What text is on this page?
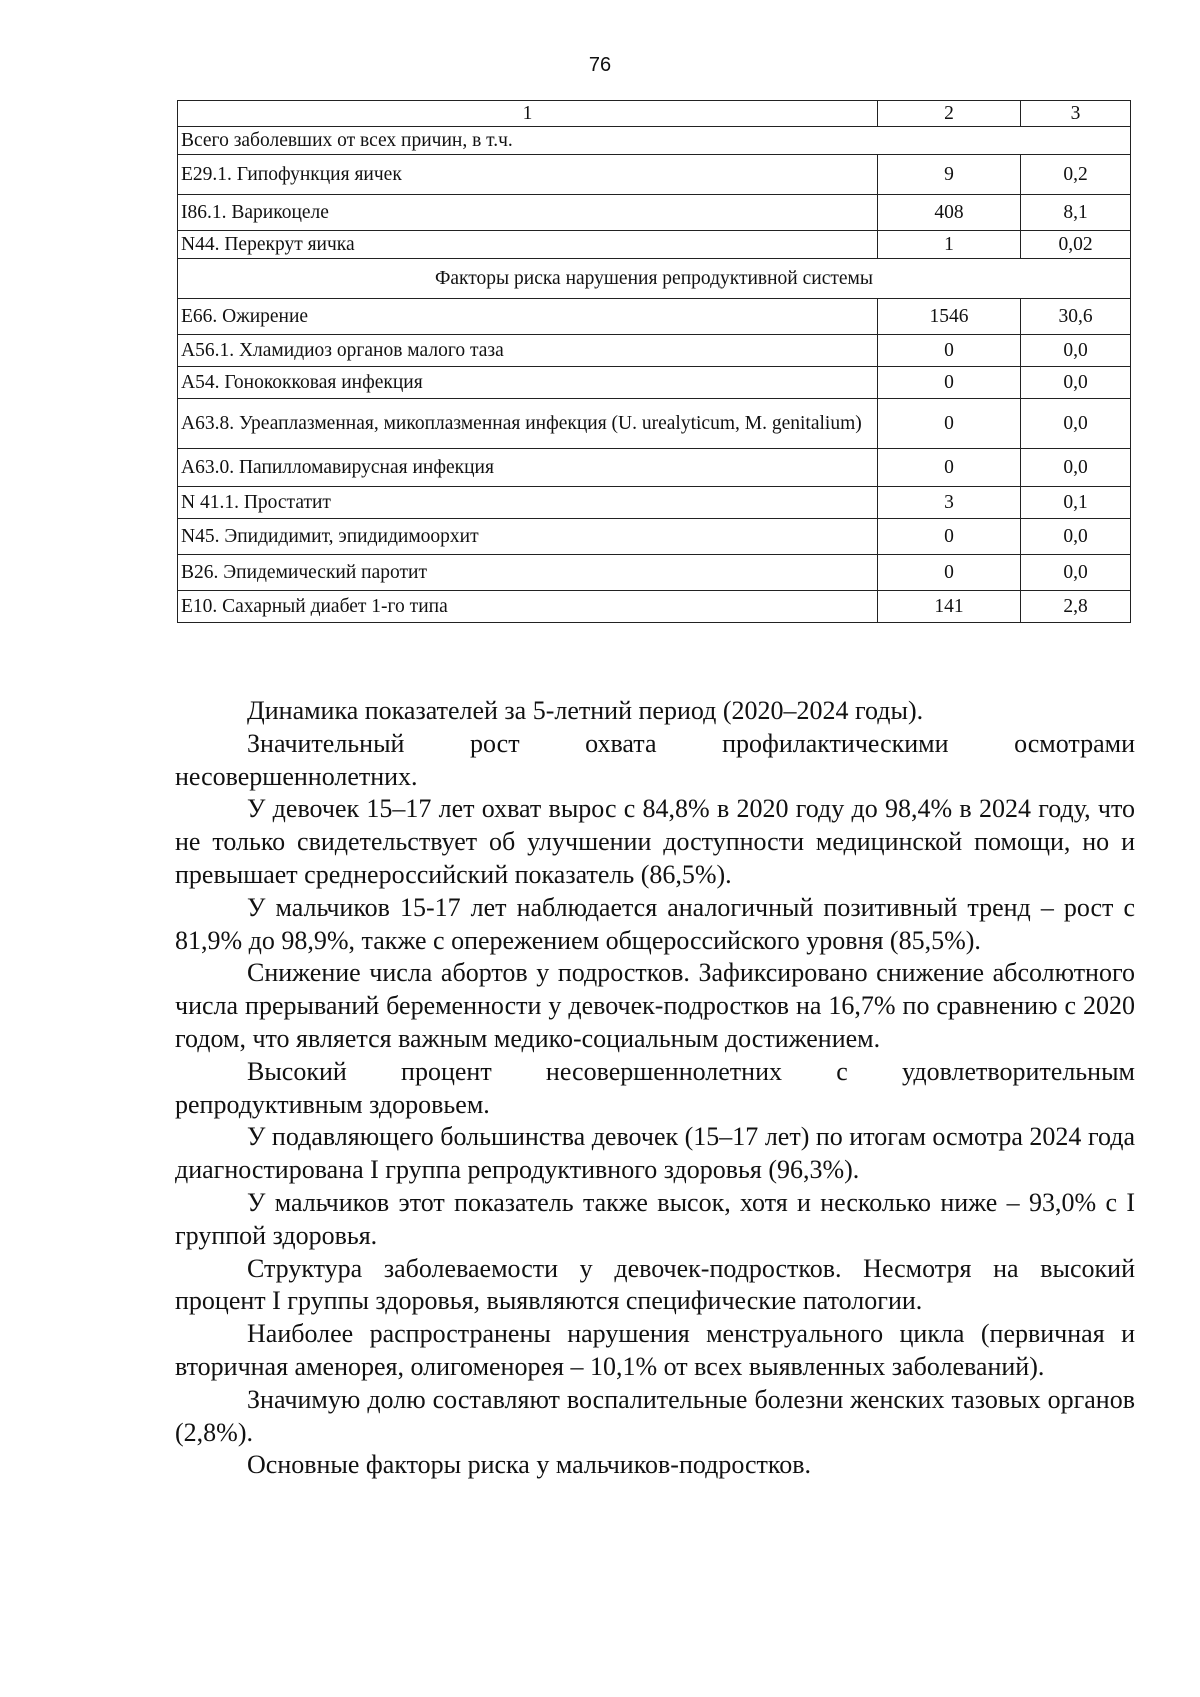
76
1	2	3
Всего заболевших от всех причин, в т.ч.		
E29.1. Гипофункция яичек	9	0,2
I86.1. Варикоцеле	408	8,1
N44. Перекрут яичка	1	0,02
Факторы риска нарушения репродуктивной системы		
E66. Ожирение	1546	30,6
A56.1. Хламидиоз органов малого таза	0	0,0
A54. Гонококковая инфекция	0	0,0
A63.8. Уреаплазменная, микоплазменная инфекция (U. urealyticum, M. genitalium)	0	0,0
A63.0. Папилломавирусная инфекция	0	0,0
N 41.1. Простатит	3	0,1
N45. Эпидидимит, эпидидимоорхит	0	0,0
B26. Эпидемический паротит	0	0,0
E10. Сахарный диабет 1-го типа	141	2,8

Динамика показателей за 5-летний период (2020–2024 годы).

Значительный рост охвата профилактическими осмотрами несовершеннолетних.

У девочек 15–17 лет охват вырос с 84,8% в 2020 году до 98,4% в 2024 году, что не только свидетельствует об улучшении доступности медицинской помощи, но и превышает среднероссийский показатель (86,5%).

У мальчиков 15-17 лет наблюдается аналогичный позитивный тренд – рост с 81,9% до 98,9%, также с опережением общероссийского уровня (85,5%).

Снижение числа абортов у подростков. Зафиксировано снижение абсолютного числа прерываний беременности у девочек-подростков на 16,7% по сравнению с 2020 годом, что является важным медико-социальным достижением.

Высокий процент несовершеннолетних с удовлетворительным репродуктивным здоровьем.

У подавляющего большинства девочек (15–17 лет) по итогам осмотра 2024 года диагностирована I группа репродуктивного здоровья (96,3%).

У мальчиков этот показатель также высок, хотя и несколько ниже – 93,0% с I группой здоровья.

Структура заболеваемости у девочек-подростков. Несмотря на высокий процент I группы здоровья, выявляются специфические патологии.

Наиболее распространены нарушения менструального цикла (первичная и вторичная аменорея, олигоменорея – 10,1% от всех выявленных заболеваний).

Значимую долю составляют воспалительные болезни женских тазовых органов (2,8%).

Основные факторы риска у мальчиков-подростков.
